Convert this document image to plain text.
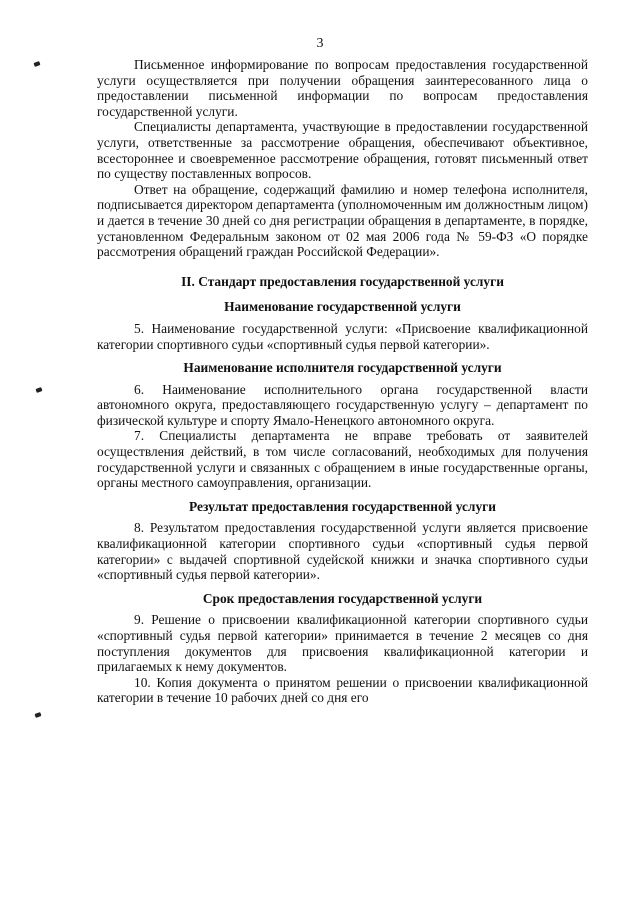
3

Письменное информирование по вопросам предоставления государственной услуги осуществляется при получении обращения заинтересованного лица о предоставлении письменной информации по вопросам предоставления государственной услуги.

Специалисты департамента, участвующие в предоставлении государственной услуги, ответственные за рассмотрение обращения, обеспечивают объективное, всестороннее и своевременное рассмотрение обращения, готовят письменный ответ по существу поставленных вопросов.

Ответ на обращение, содержащий фамилию и номер телефона исполнителя, подписывается директором департамента (уполномоченным им должностным лицом) и дается в течение 30 дней со дня регистрации обращения в департаменте, в порядке, установленном Федеральным законом от 02 мая 2006 года № 59-ФЗ «О порядке рассмотрения обращений граждан Российской Федерации».

II. Стандарт предоставления государственной услуги

Наименование государственной услуги

5. Наименование государственной услуги: «Присвоение квалификационной категории спортивного судьи «спортивный судья первой категории».

Наименование исполнителя государственной услуги

6. Наименование исполнительного органа государственной власти автономного округа, предоставляющего государственную услугу – департамент по физической культуре и спорту Ямало-Ненецкого автономного округа.

7. Специалисты департамента не вправе требовать от заявителей осуществления действий, в том числе согласований, необходимых для получения государственной услуги и связанных с обращением в иные государственные органы, органы местного самоуправления, организации.

Результат предоставления государственной услуги

8. Результатом предоставления государственной услуги является присвоение квалификационной категории спортивного судьи «спортивный судья первой категории» с выдачей спортивной судейской книжки и значка спортивного судьи «спортивный судья первой категории».

Срок предоставления государственной услуги

9. Решение о присвоении квалификационной категории спортивного судьи «спортивный судья первой категории» принимается в течение 2 месяцев со дня поступления документов для присвоения квалификационной категории и прилагаемых к нему документов.

10. Копия документа о принятом решении о присвоении квалификационной категории в течение 10 рабочих дней со дня его
